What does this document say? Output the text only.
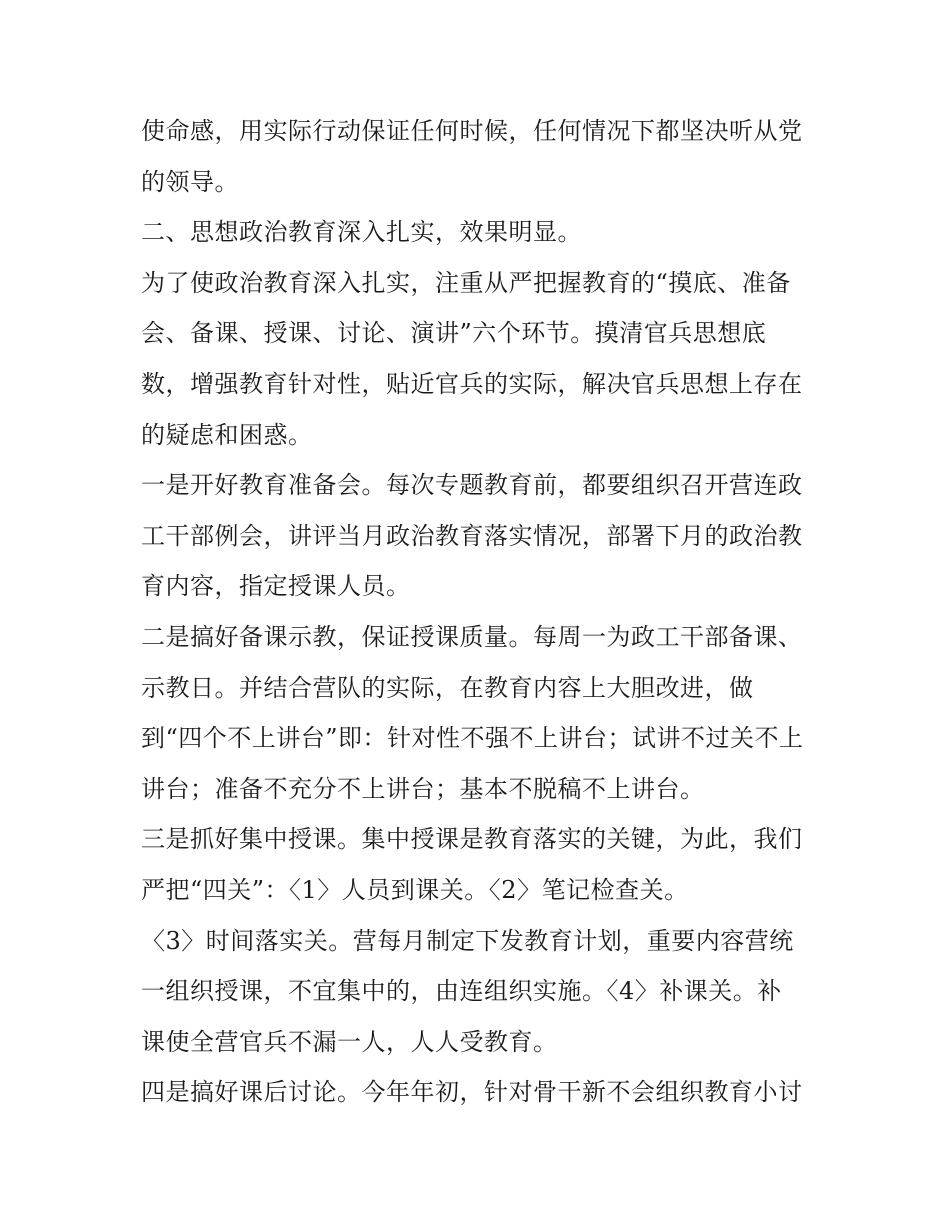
使命感，用实际行动保证任何时候，任何情况下都坚决听从党
的领导。
二、思想政治教育深入扎实，效果明显。
为了使政治教育深入扎实，注重从严把握教育的“摸底、准备
会、备课、授课、讨论、演讲”六个环节。摸清官兵思想底
数，增强教育针对性，贴近官兵的实际，解决官兵思想上存在
的疑虑和困惑。
一是开好教育准备会。每次专题教育前，都要组织召开营连政
工干部例会，讲评当月政治教育落实情况，部署下月的政治教
育内容，指定授课人员。
二是搞好备课示教，保证授课质量。每周一为政工干部备课、
示教日。并结合营队的实际，在教育内容上大胆改进，做
到“四个不上讲台”即：针对性不强不上讲台；试讲不过关不上
讲台；准备不充分不上讲台；基本不脱稿不上讲台。
三是抓好集中授课。集中授课是教育落实的关键，为此，我们
严把“四关”：〈1〉人员到课关。〈2〉笔记检查关。
〈3〉时间落实关。营每月制定下发教育计划，重要内容营统
一组织授课，不宜集中的，由连组织实施。〈4〉补课关。补
课使全营官兵不漏一人，人人受教育。
四是搞好课后讨论。今年年初，针对骨干新不会组织教育小讨
